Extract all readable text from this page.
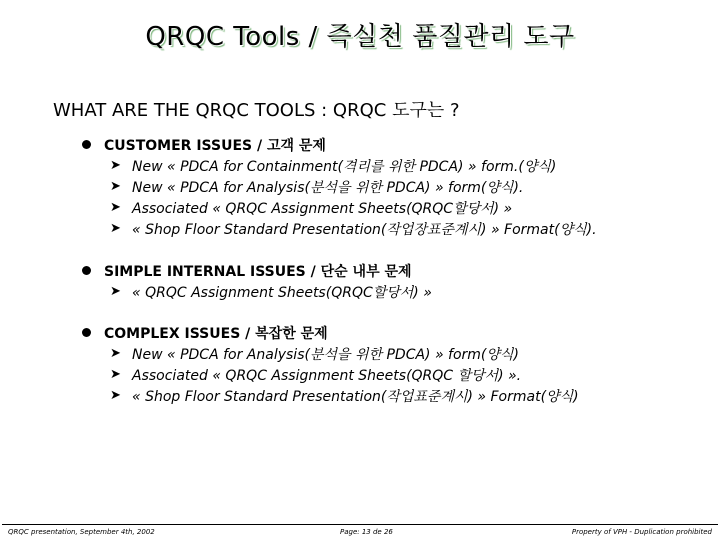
QRQC Tools / 즉실천 품질관리 도구
WHAT ARE THE QRQC TOOLS : QRQC 도구는 ?
CUSTOMER ISSUES / 고객 문제
➤ New « PDCA for Containment(격리를 위한 PDCA) » form.(양식)
➤ New « PDCA for Analysis(분석을 위한 PDCA) » form(양식).
➤ Associated « QRQC Assignment Sheets(QRQC할당서) »
➤ « Shop Floor Standard Presentation(작업장표준계시) » Format(양식).
SIMPLE INTERNAL ISSUES / 단순 내부 문제
➤ « QRQC Assignment Sheets(QRQC할당서) »
COMPLEX ISSUES / 복잡한 문제
➤ New « PDCA for Analysis(분석을 위한 PDCA) » form(양식)
➤ Associated « QRQC Assignment Sheets(QRQC 할당서) ».
➤ « Shop Floor Standard Presentation(작업표준계시) » Format(양식)
QRQC presentation, September 4th, 2002	Page: 13 de 26	Property of VPH - Duplication prohibited
